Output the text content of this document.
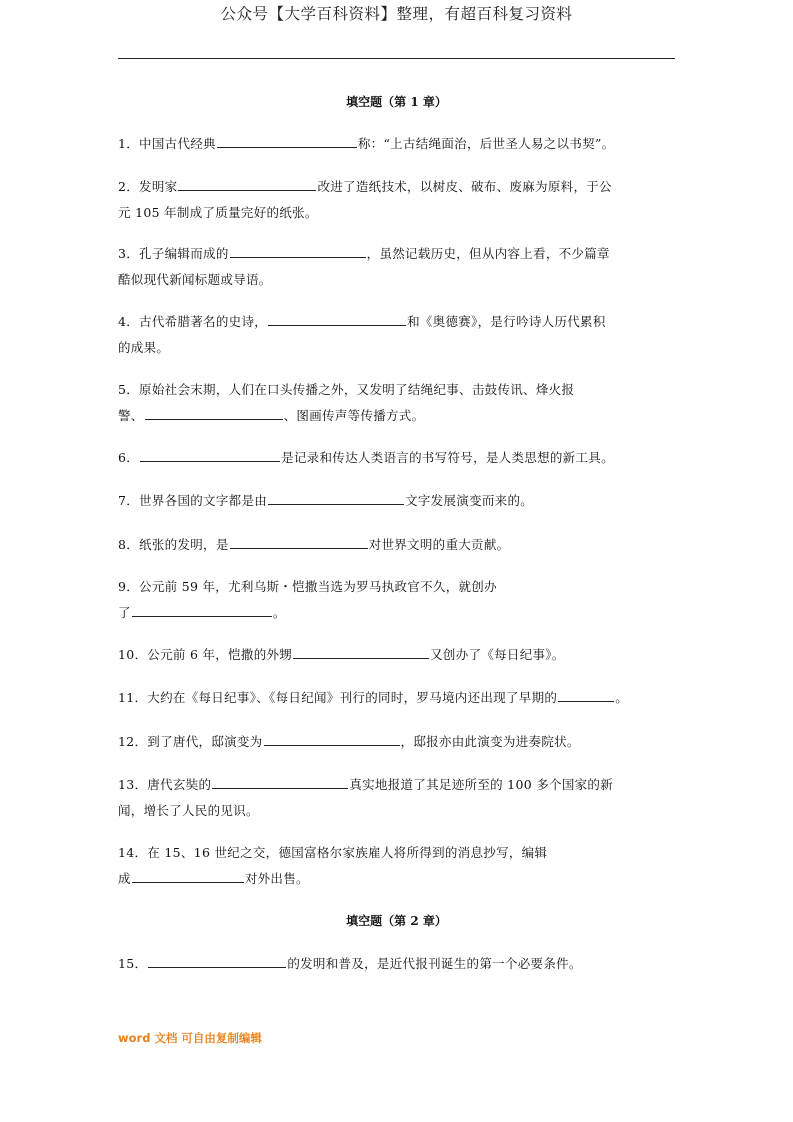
公众号【大学百科资料】整理，有超百科复习资料
填空题（第 1 章）
1．中国古代经典	称：“上古结绳面治，后世圣人易之以书契”。
2．发明家	改进了造纸技术，以树皮、破布、废麻为原料，于公
元 105 年制成了质量完好的纸张。
3．孔子编辑而成的	，虽然记载历史，但从内容上看，不少篇章
酷似现代新闻标题或导语。
4．古代希腊著名的史诗，	和《奥德赛》，是行吟诗人历代累积
的成果。
5．原始社会末期，人们在口头传播之外，又发明了结绳纪事、击鼓传讯、烽火报
警、	、图画传声等传播方式。
6．	是记录和传达人类语言的书写符号，是人类思想的新工具。
7．世界各国的文字都是由	文字发展演变而来的。
8．纸张的发明，是	对世界文明的重大贡献。
9．公元前 59 年，尤利乌斯・恺撒当选为罗马执政官不久，就创办
了	。
10．公元前 6 年，恺撒的外甥	又创办了《每日纪事》。
11．大约在《每日纪事》、《每日纪闻》刊行的同时，罗马境内还出现了早期的	。
12．到了唐代，邸演变为	，邸报亦由此演变为进奏院状。
13．唐代玄奘的	真实地报道了其足迹所至的 100 多个国家的新
闻，增长了人民的见识。
14．在 15、16 世纪之交，德国富格尔家族雇人将所得到的消息抄写，编辑
成	对外出售。
填空题（第 2 章）
15．	的发明和普及，是近代报刊诞生的第一个必要条件。
word 文档 可自由复制编辑
